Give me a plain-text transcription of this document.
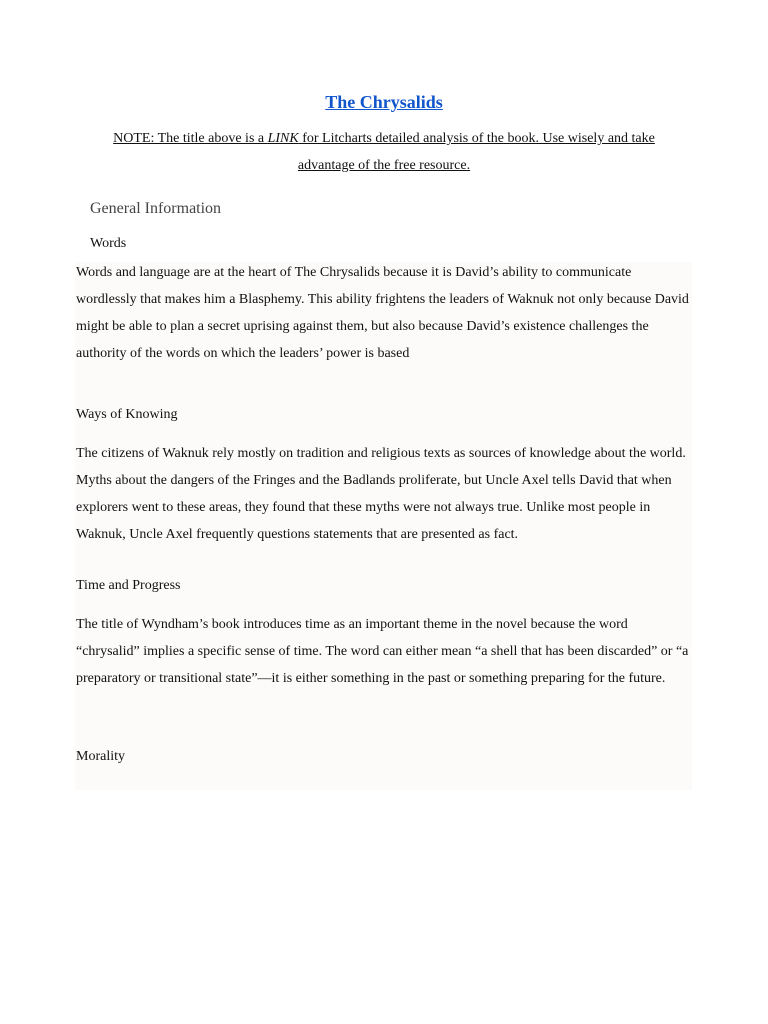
The Chrysalids
NOTE: The title above is a LINK for Litcharts detailed analysis of the book. Use wisely and take advantage of the free resource.
General Information
Words

Words and language are at the heart of The Chrysalids because it is David’s ability to communicate wordlessly that makes him a Blasphemy. This ability frightens the leaders of Waknuk not only because David might be able to plan a secret uprising against them, but also because David’s existence challenges the authority of the words on which the leaders’ power is based

Ways of Knowing

The citizens of Waknuk rely mostly on tradition and religious texts as sources of knowledge about the world. Myths about the dangers of the Fringes and the Badlands proliferate, but Uncle Axel tells David that when explorers went to these areas, they found that these myths were not always true. Unlike most people in Waknuk, Uncle Axel frequently questions statements that are presented as fact.

Time and Progress

The title of Wyndham’s book introduces time as an important theme in the novel because the word “chrysalid” implies a specific sense of time. The word can either mean “a shell that has been discarded” or “a preparatory or transitional state”—it is either something in the past or something preparing for the future.

Morality
